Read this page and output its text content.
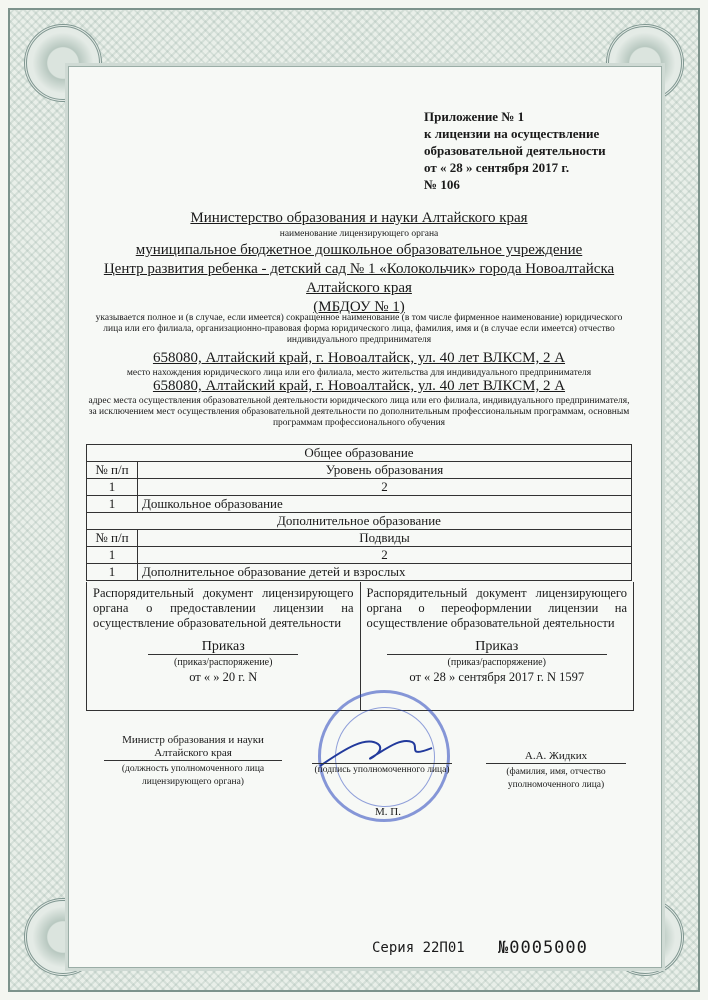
Приложение № 1
к лицензии на осуществление
образовательной деятельности
от « 28 » сентября 2017 г.
№ 106
Министерство образования и науки Алтайского края
наименование лицензирующего органа
муниципальное бюджетное дошкольное образовательное учреждение
Центр развития ребенка - детский сад № 1 «Колокольчик» города Новоалтайска
Алтайского края
(МБДОУ № 1)
указывается полное и (в случае, если имеется) сокращенное наименование (в том числе фирменное наименование) юридического лица или его филиала, организационно-правовая форма юридического лица, фамилия, имя и (в случае если имеется) отчество индивидуального предпринимателя
658080, Алтайский край, г. Новоалтайск, ул. 40 лет ВЛКСМ, 2 А
место нахождения юридического лица или его филиала, место жительства для индивидуального предпринимателя
658080, Алтайский край, г. Новоалтайск, ул. 40 лет ВЛКСМ, 2 А
адрес места осуществления образовательной деятельности юридического лица или его филиала, индивидуального предпринимателя, за исключением мест осуществления образовательной деятельности по дополнительным профессиональным программам, основным программам профессионального обучения
Общее образование	
№ п/п	Уровень образования
1	2
1	Дошкольное образование
Дополнительное образование	
№ п/п	Подвиды
1	2
1	Дополнительное образование детей и взрослых
Распорядительный документ лицензирующего органа о предоставлении лицензии на осуществление образовательной деятельности
Приказ
(приказ/распоряжение)
от « » 20 г. N
Распорядительный документ лицензирующего органа о переоформлении лицензии на осуществление образовательной деятельности
Приказ
(приказ/распоряжение)
от « 28 » сентября 2017 г. N 1597
Министр образования и науки
Алтайского края
(должность уполномоченного лица лицензирующего органа)
(подпись уполномоченного лица)
А.А. Жидких
(фамилия, имя, отчество уполномоченного лица)
М. П.
Серия 22П01 №0005000
